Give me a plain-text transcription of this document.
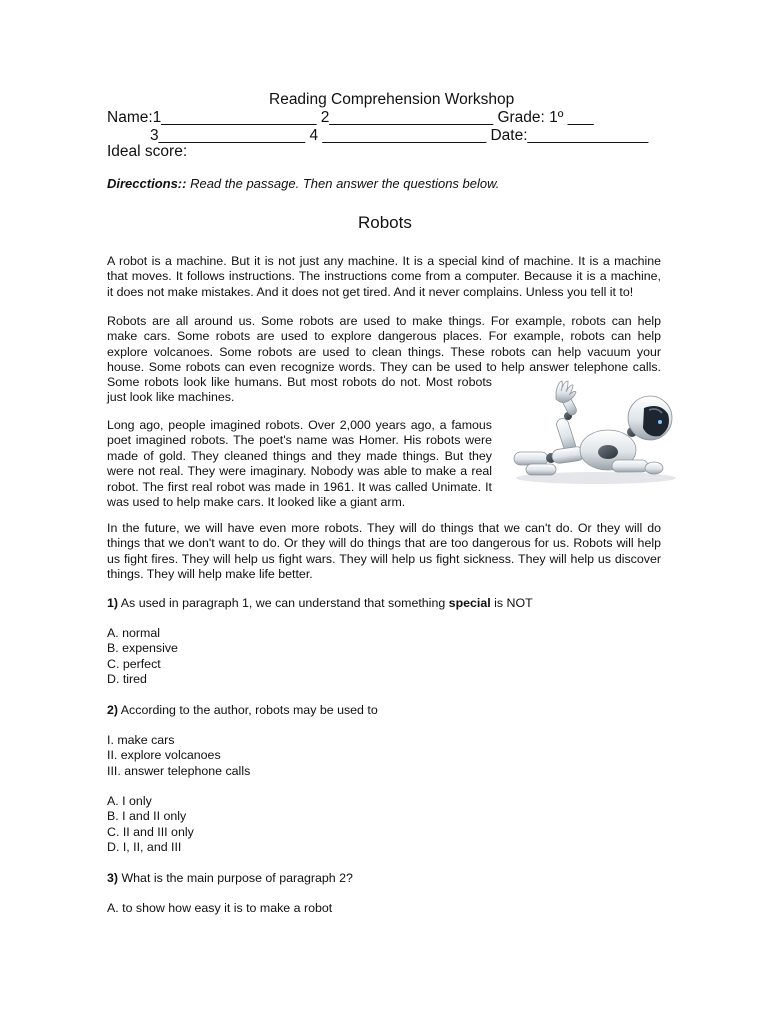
Reading Comprehension Workshop

Name:1__________________ 2___________________ Grade: 1º ___

3_________________ 4 ___________________ Date:______________

Ideal score:

Direcctions:: Read the passage. Then answer the questions below.

Robots

A robot is a machine. But it is not just any machine. It is a special kind of machine. It is a machine
that moves. It follows instructions. The instructions come from a computer. Because it is a machine,
it does not make mistakes. And it does not get tired. And it never complains. Unless you tell it to!
Robots are all around us. Some robots are used to make things. For example, robots can help
make cars. Some robots are used to explore dangerous places. For example, robots can help
explore volcanoes. Some robots are used to clean things. These robots can help vacuum your
house. Some robots can even recognize words. They can be used to help answer telephone calls.
Some robots look like humans. But most robots do not. Most robots
just look like machines.
Long ago, people imagined robots. Over 2,000 years ago, a famous
poet imagined robots. The poet's name was Homer. His robots were
made of gold. They cleaned things and they made things. But they
were not real. They were imaginary. Nobody was able to make a real
robot. The first real robot was made in 1961. It was called Unimate. It
was used to help make cars. It looked like a giant arm.
In the future, we will have even more robots. They will do things that we can't do. Or they will do
things that we don't want to do. Or they will do things that are too dangerous for us. Robots will help
us fight fires. They will help us fight wars. They will help us fight sickness. They will help us discover
things. They will help make life better.

1) As used in paragraph 1, we can understand that something special is NOT

A. normal

B. expensive

C. perfect

D. tired

2) According to the author, robots may be used to

I. make cars

II. explore volcanoes

III. answer telephone calls

A. I only

B. I and II only

C. II and III only

D. I, II, and III

3) What is the main purpose of paragraph 2?

A. to show how easy it is to make a robot
